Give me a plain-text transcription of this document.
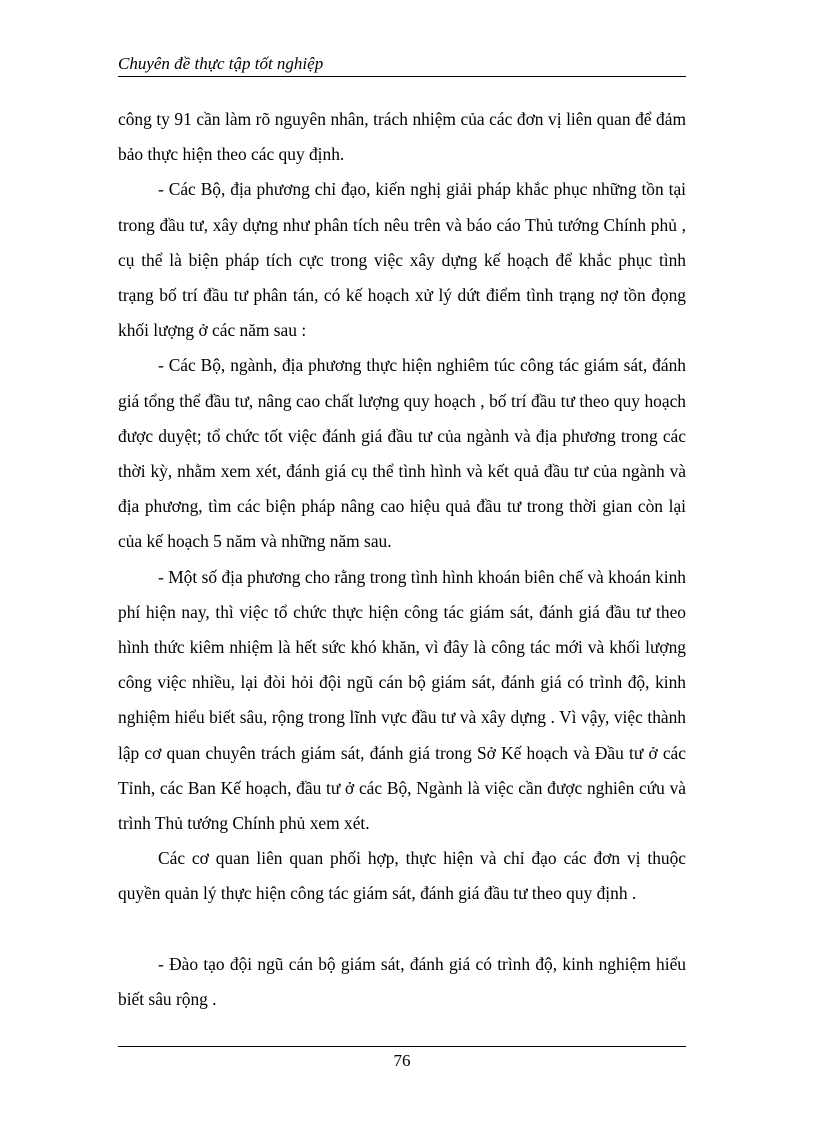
Chuyên đề thực tập tốt nghiệp

công ty 91 cần làm rõ nguyên nhân, trách nhiệm của các đơn vị liên quan để đảm bảo thực hiện theo các quy định.

- Các Bộ, địa phương chỉ đạo, kiến nghị giải pháp khắc phục những tồn tại trong đầu tư, xây dựng như phân tích nêu trên và báo cáo Thủ tướng Chính phủ , cụ thể là biện pháp tích cực trong việc xây dựng kế hoạch để khắc phục tình trạng bố trí đầu tư phân tán, có kế hoạch xử lý dứt điểm tình trạng nợ tồn đọng khối lượng ở các năm sau :

- Các Bộ, ngành, địa phương thực hiện nghiêm túc công tác giám sát, đánh giá tổng thể đầu tư, nâng cao chất lượng quy hoạch , bố trí đầu tư theo quy hoạch được duyệt; tổ chức tốt việc đánh giá đầu tư của ngành và địa phương trong các thời kỳ, nhằm xem xét, đánh giá cụ thể tình hình và kết quả đầu tư của ngành và địa phương, tìm các biện pháp nâng cao hiệu quả đầu tư trong thời gian còn lại của kế hoạch 5 năm và những năm sau.

- Một số địa phương cho rằng trong tình hình khoán biên chế và khoán kinh phí hiện nay, thì việc tổ chức thực hiện công tác giám sát, đánh giá đầu tư theo hình thức kiêm nhiệm là hết sức khó khăn, vì đây là công tác mới và khối lượng công việc nhiều, lại đòi hỏi đội ngũ cán bộ giám sát, đánh giá có trình độ, kinh nghiệm hiểu biết sâu, rộng trong lĩnh vực đầu tư và xây dựng . Vì vậy, việc thành lập cơ quan chuyên trách giám sát, đánh giá trong Sở Kế hoạch và Đầu tư ở các Tỉnh, các Ban Kế hoạch, đầu tư ở các Bộ, Ngành là việc cần được nghiên cứu và trình Thủ tướng Chính phủ xem xét.

Các cơ quan liên quan phối hợp, thực hiện và chỉ đạo các đơn vị thuộc quyền quản lý thực hiện công tác giám sát, đánh giá đầu tư theo quy định .

- Đào tạo đội ngũ cán bộ giám sát, đánh giá có trình độ, kinh nghiệm hiểu biết sâu rộng .

76
